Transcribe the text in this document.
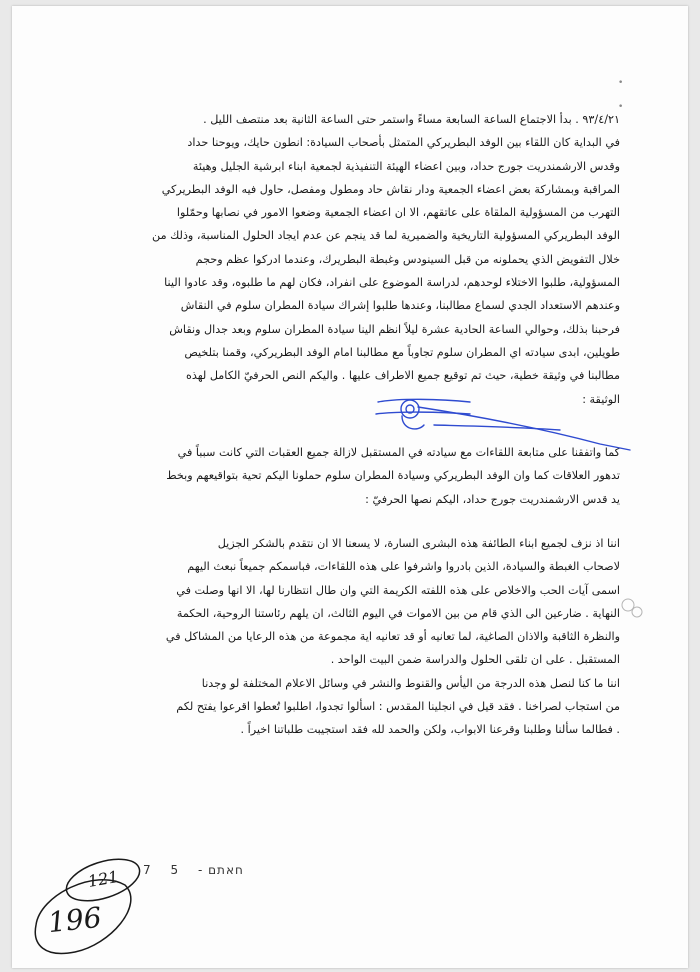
•
•
٩٣/٤/٢١ . بدأ الاجتماع الساعة السابعة مساءً واستمر حتى الساعة الثانية بعد منتصف الليل .
في البداية كان اللقاء بين الوفد البطريركي المتمثل بأصحاب السيادة: انطون حايك، ويوحنا حداد
وقدس الارشمندريت جورج حداد، وبين اعضاء الهيئة التنفيذية لجمعية ابناء ابرشية الجليل وهيئة
المراقبة وبمشاركة بعض اعضاء الجمعية ودار نقاش حاد ومطول ومفصل، حاول فيه الوفد البطريركي
التهرب من المسؤولية الملقاة على عاتقهم، الا ان اعضاء الجمعية وضعوا الامور في نصابها وحمّلوا
الوفد البطريركي المسؤولية التاريخية والضميرية لما قد ينجم عن عدم ايجاد الحلول المناسبة، وذلك من
خلال التفويض الذي يحملونه من قبل السينودس وغبطة البطريرك، وعندما ادركوا عظم وحجم
المسؤولية، طلبوا الاختلاء لوحدهم، لدراسة الموضوع على انفراد، فكان لهم ما طلبوه، وقد عادوا الينا
وعندهم الاستعداد الجدي لسماع مطالبنا، وعندها طلبوا إشراك سيادة المطران سلوم في النقاش
فرحبنا بذلك، وحوالي الساعة الحادية عشرة ليلاً انظم الينا سيادة المطران سلوم وبعد جدال ونقاش
طويلين، ابدى سيادته اي المطران سلوم تجاوباً مع مطالبنا امام الوفد البطريركي، وقمنا بتلخيص
مطالبنا في وثيقة خطية، حيث تم توقيع جميع الاطراف عليها . واليكم النص الحرفيّ الكامل لهذه
الوثيقة :
كما واتفقنا على متابعة اللقاءات مع سيادته في المستقبل لازالة جميع العقبات التي كانت سبباً في
تدهور العلاقات كما وان الوفد البطريركي وسيادة المطران سلوم حملونا اليكم تحية بتواقيعهم وبخط
يد قدس الارشمندريت جورج حداد، اليكم نصها الحرفيّ :
اننا اذ نزف لجميع ابناء الطائفة هذه البشرى السارة، لا يسعنا الا ان نتقدم بالشكر الجزيل
لاصحاب الغبطة والسيادة، الذين بادروا واشرفوا على هذه اللقاءات، فباسمكم جميعاً نبعث اليهم
اسمى آيات الحب والاخلاص على هذه اللفته الكريمة التي وان طال انتظارنا لها، الا انها وصلت في
النهاية . ضارعين الى الذي قام من بين الاموات في اليوم الثالث، ان يلهم رئاستنا الروحية، الحكمة
والنظرة الثاقبة والاذان الصاغية، لما تعانيه أو قد تعانيه اية مجموعة من هذه الرعايا من المشاكل في
المستقبل . على ان تلقى الحلول والدراسة ضمن البيت الواحد .
اننا ما كنا لنصل هذه الدرجة من اليأس والقنوط والنشر في وسائل الاعلام المختلفة لو وجدنا
من استجاب لصراخنا . فقد قيل في انجلينا المقدس : اسألوا تجدوا، اطلبوا تُعطوا اقرعوا يفتح لكم
. فطالما سألنا وطلبنا وقرعنا الابواب، ولكن والحمد لله فقد استجيبت طلباتنا اخيراً .
7 5 - חאתם
121
196
